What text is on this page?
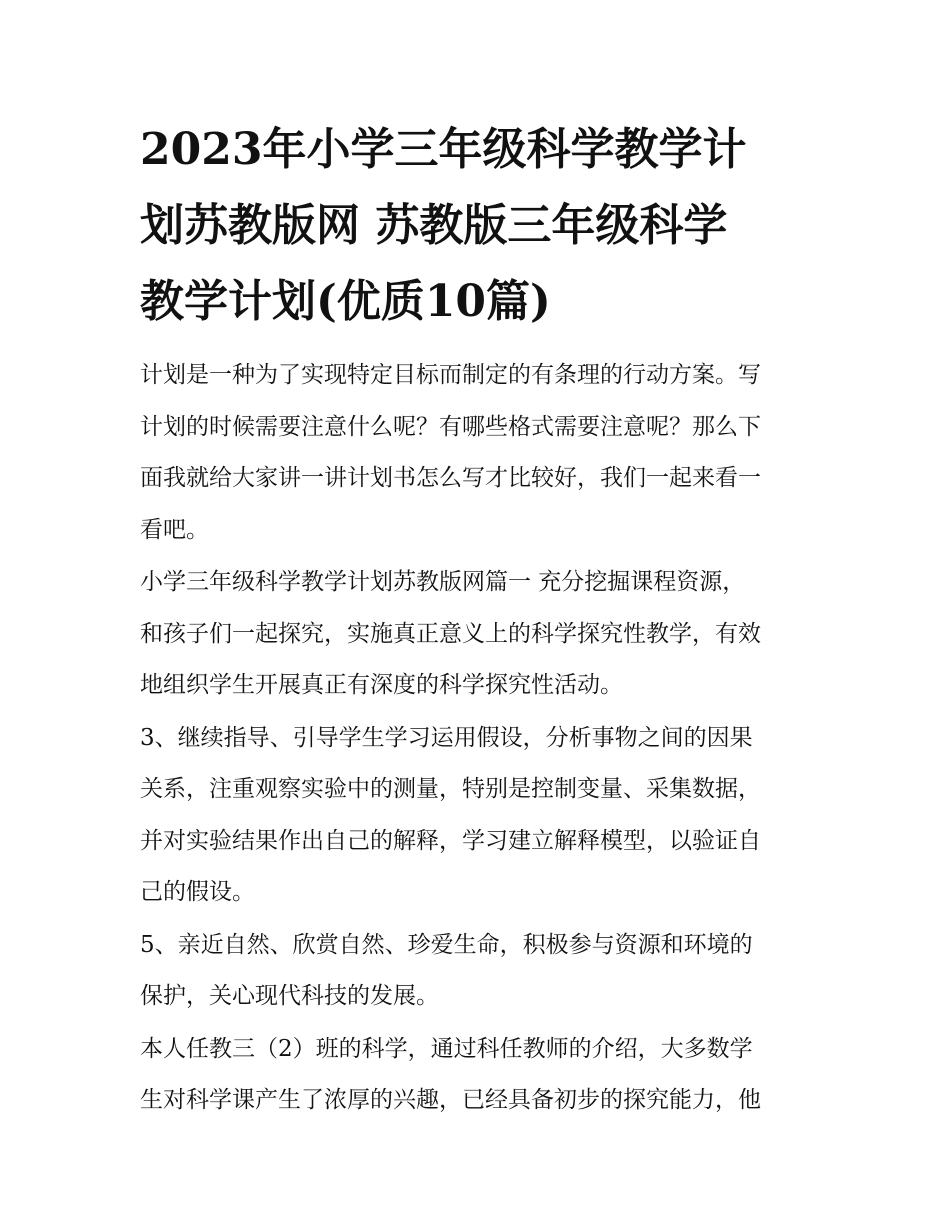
2023年小学三年级科学教学计
划苏教版网 苏教版三年级科学
教学计划(优质10篇)

计划是一种为了实现特定目标而制定的有条理的行动方案。写
计划的时候需要注意什么呢？有哪些格式需要注意呢？那么下
面我就给大家讲一讲计划书怎么写才比较好，我们一起来看一
看吧。

小学三年级科学教学计划苏教版网篇一 充分挖掘课程资源，
和孩子们一起探究，实施真正意义上的科学探究性教学，有效
地组织学生开展真正有深度的科学探究性活动。

3、继续指导、引导学生学习运用假设，分析事物之间的因果
关系，注重观察实验中的测量，特别是控制变量、采集数据，
并对实验结果作出自己的解释，学习建立解释模型，以验证自
己的假设。

5、亲近自然、欣赏自然、珍爱生命，积极参与资源和环境的
保护，关心现代科技的发展。

本人任教三（2）班的科学，通过科任教师的介绍，大多数学
生对科学课产生了浓厚的兴趣，已经具备初步的探究能力，他
